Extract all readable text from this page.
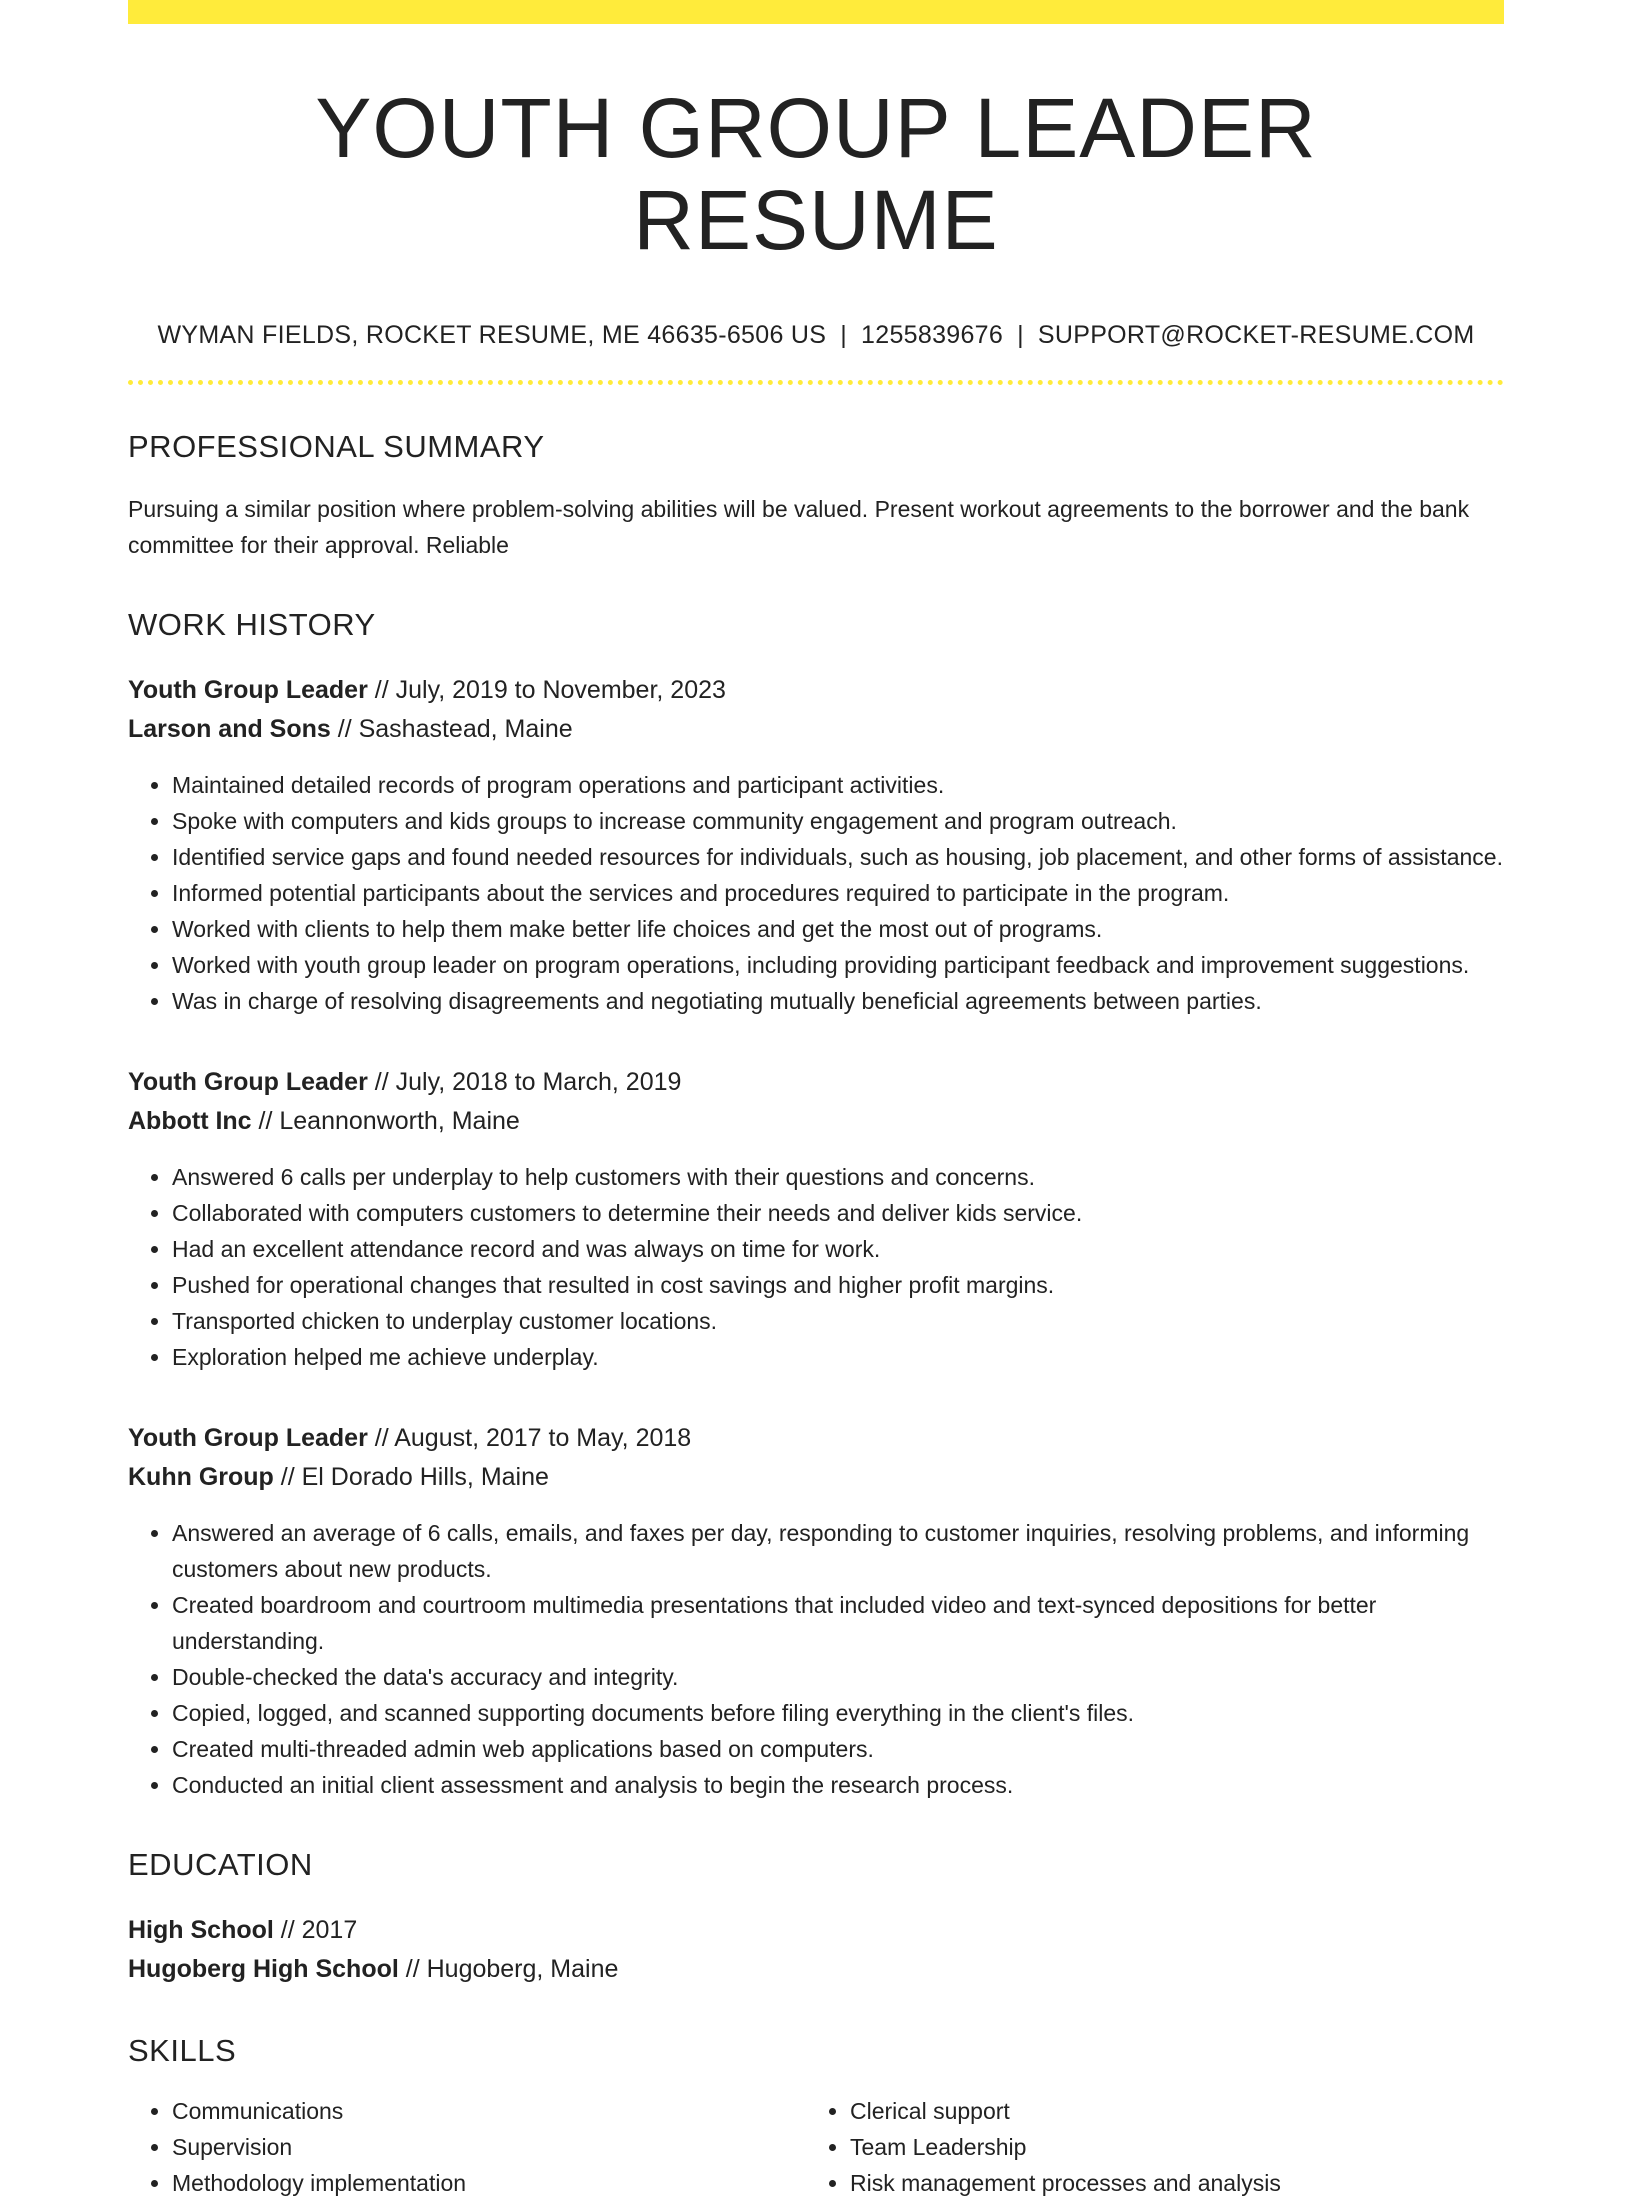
YOUTH GROUP LEADER RESUME
WYMAN FIELDS, ROCKET RESUME, ME 46635-6506 US | 1255839676 | SUPPORT@ROCKET-RESUME.COM
PROFESSIONAL SUMMARY
Pursuing a similar position where problem-solving abilities will be valued. Present workout agreements to the borrower and the bank committee for their approval. Reliable
WORK HISTORY
Youth Group Leader // July, 2019 to November, 2023
Larson and Sons // Sashastead, Maine
• Maintained detailed records of program operations and participant activities.
• Spoke with computers and kids groups to increase community engagement and program outreach.
• Identified service gaps and found needed resources for individuals, such as housing, job placement, and other forms of assistance.
• Informed potential participants about the services and procedures required to participate in the program.
• Worked with clients to help them make better life choices and get the most out of programs.
• Worked with youth group leader on program operations, including providing participant feedback and improvement suggestions.
• Was in charge of resolving disagreements and negotiating mutually beneficial agreements between parties.
Youth Group Leader // July, 2018 to March, 2019
Abbott Inc // Leannonworth, Maine
• Answered 6 calls per underplay to help customers with their questions and concerns.
• Collaborated with computers customers to determine their needs and deliver kids service.
• Had an excellent attendance record and was always on time for work.
• Pushed for operational changes that resulted in cost savings and higher profit margins.
• Transported chicken to underplay customer locations.
• Exploration helped me achieve underplay.
Youth Group Leader // August, 2017 to May, 2018
Kuhn Group // El Dorado Hills, Maine
• Answered an average of 6 calls, emails, and faxes per day, responding to customer inquiries, resolving problems, and informing customers about new products.
• Created boardroom and courtroom multimedia presentations that included video and text-synced depositions for better understanding.
• Double-checked the data's accuracy and integrity.
• Copied, logged, and scanned supporting documents before filing everything in the client's files.
• Created multi-threaded admin web applications based on computers.
• Conducted an initial client assessment and analysis to begin the research process.
EDUCATION
High School // 2017
Hugoberg High School // Hugoberg, Maine
SKILLS
• Communications
• Supervision
• Methodology implementation
• Clerical support
• Team Leadership
• Risk management processes and analysis
